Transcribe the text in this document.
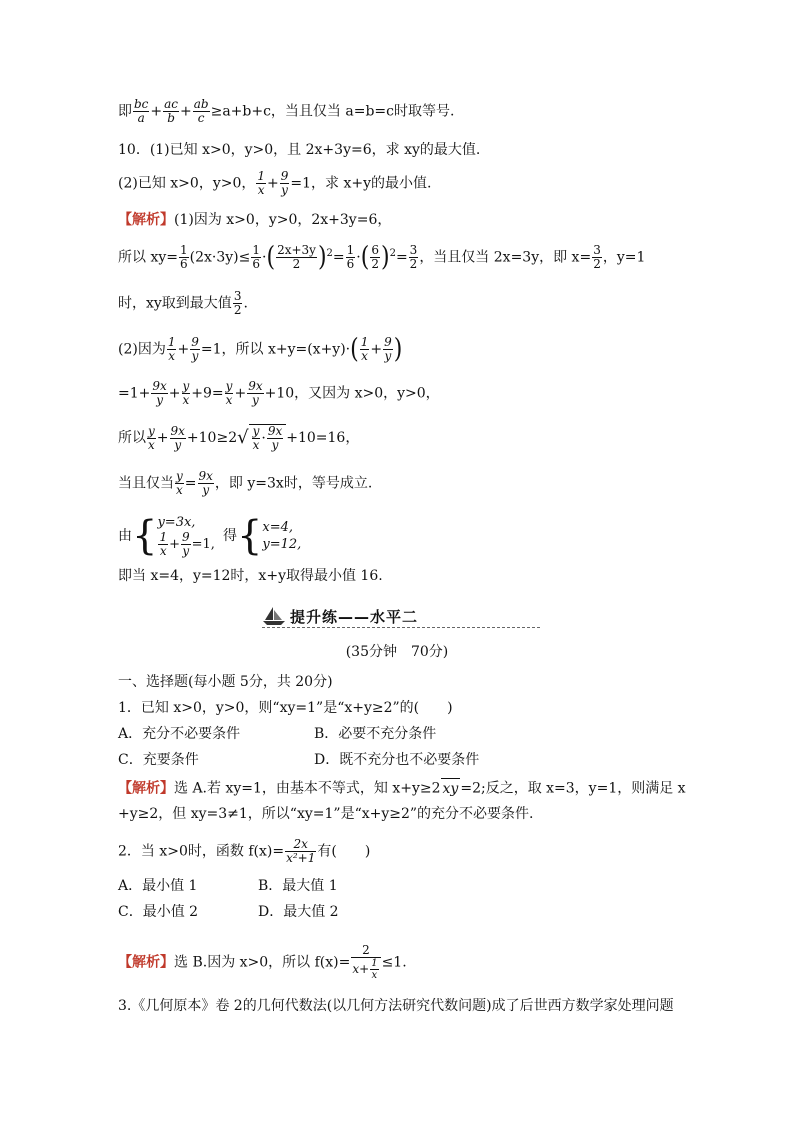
即 $\frac{bc}{a} + \frac{ac}{b} + \frac{ab}{c} \ge a+b+c$，当且仅当 a=b=c时取等号.
10．(1)已知 x>0，y>0，且 2x+3y=6，求 xy的最大值.
(2)已知 x>0，y>0， $\frac{1}{x} + \frac{9}{y} =1$，求 x+y的最小值.
【解析】(1)因为 x>0，y>0，2x+3y=6，
所以 $xy= \frac{1}{6} (2x\cdot 3y)\le \frac{1}{6}$ ·( $\frac{2x+3y}{2} )^2= \frac{1}{6}$ ·( $\frac{6}{2} )^2= \frac{3}{2}$ ，当且仅当 2x=3y，即 $x= \frac{3}{2}$ ，y=1
时，xy取到最大值 $\frac{3}{2}$ .
(2)因为 $\frac{1}{x} + \frac{9}{y} =1$，所以 $x+y=(x+y)\cdot( \frac{1}{x} + \frac{9}{y}$ )
$=1+ \frac{9x}{y} + \frac{y}{x} +9= \frac{y}{x} + \frac{9x}{y} +10$，又因为 x>0，y>0，
所以 $\frac{y}{x} + \frac{9x}{y} +10\ge 2√ \frac{y}{x} \cdot \frac{9x}{y} +10=16$，
当且仅当 $\frac{y}{x} = \frac{9x}{y}$ ，即 y=3x时，等号成立.
由 { y=3x,
$\frac{1}{x} + \frac{9}{y} =1$,
得 { x=4,
y=12,
即当 x=4，y=12时，x+y取得最小值 16.
提升练——水平二
(35分钟　70分)
一、选择题(每小题 5分，共 20分)
1．已知 x>0，y>0，则“xy=1”是“x+y≥2”的(　　)
A．充分不必要条件	B．必要不充分条件
C．充要条件	D．既不充分也不必要条件
【解析】选 A.若 xy=1，由基本不等式，知 x+y≥2 xy =2;反之，取 x=3，y=1，则满足 x
+y≥2，但 xy=3≠1，所以“xy=1”是“x+y≥2”的充分不必要条件.
2．当 x>0时，函数 $f(x)= \frac{2x}{\text{x²+1}}$ 有(　　)
A．最小值 1	B．最大值 1
C．最小值 2	D．最大值 2
【解析】选 B.因为 x>0，所以 $f(x)= \frac{2}{x+ \frac{1}{x}} \le 1$.
3.《几何原本》卷 2的几何代数法(以几何方法研究代数问题)成了后世西方数学家处理问题
